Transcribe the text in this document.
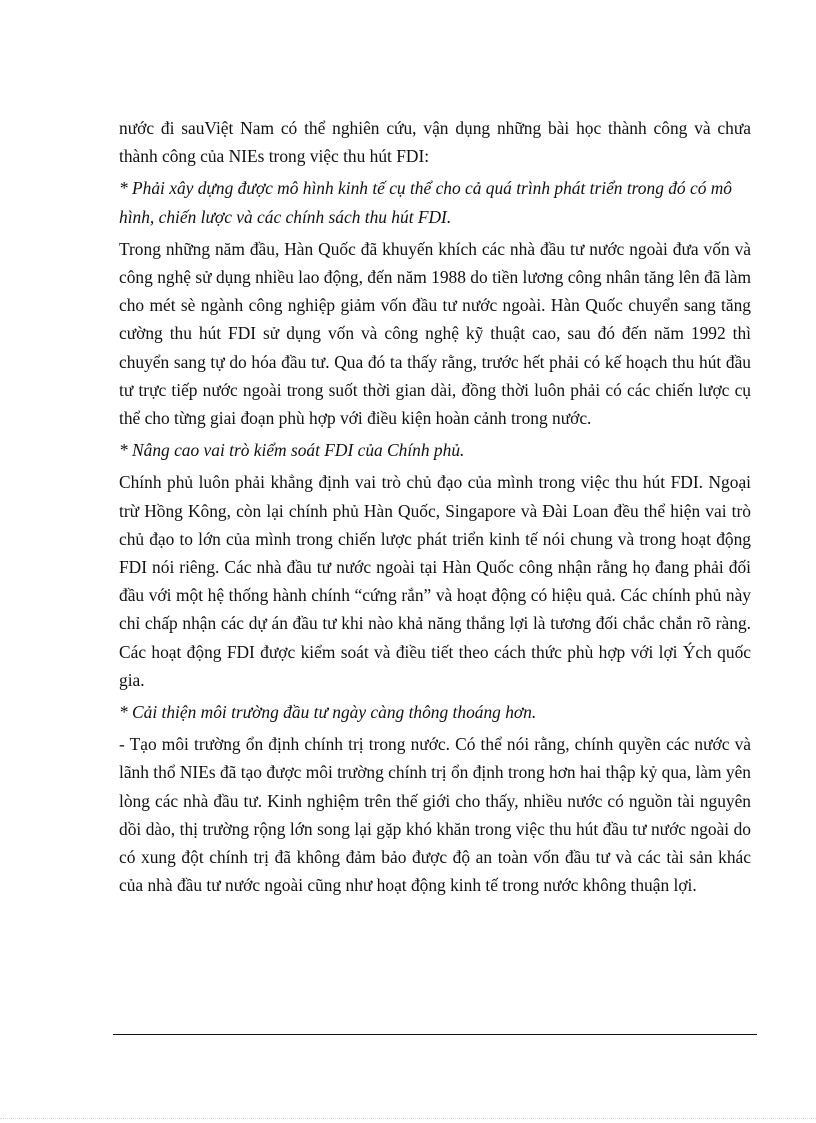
nước đi sauViệt Nam có thể nghiên cứu, vận dụng những bài học thành công và chưa thành công của NIEs trong việc thu hút FDI:

* Phải xây dựng được mô hình kinh tế cụ thể cho cả quá trình phát triển trong đó có mô hình, chiến lược và các chính sách thu hút FDI.

Trong những năm đầu, Hàn Quốc đã khuyến khích các nhà đầu tư nước ngoài đưa vốn và công nghệ sử dụng nhiều lao động, đến năm 1988 do tiền lương công nhân tăng lên đã làm cho mét sè ngành công nghiệp giảm vốn đầu tư nước ngoài. Hàn Quốc chuyển sang tăng cường thu hút FDI sử dụng vốn và công nghệ kỹ thuật cao, sau đó đến năm 1992 thì chuyển sang tự do hóa đầu tư. Qua đó ta thấy rằng, trước hết phải có kế hoạch thu hút đầu tư trực tiếp nước ngoài trong suốt thời gian dài, đồng thời luôn phải có các chiến lược cụ thể cho từng giai đoạn phù hợp với điều kiện hoàn cảnh trong nước.

* Nâng cao vai trò kiểm soát FDI của Chính phủ.

Chính phủ luôn phải khẳng định vai trò chủ đạo của mình trong việc thu hút FDI. Ngoại trừ Hồng Kông, còn lại chính phủ Hàn Quốc, Singapore và Đài Loan đều thể hiện vai trò chủ đạo to lớn của mình trong chiến lược phát triển kinh tế nói chung và trong hoạt động FDI nói riêng. Các nhà đầu tư nước ngoài tại Hàn Quốc công nhận rằng họ đang phải đối đầu với một hệ thống hành chính “cứng rắn” và hoạt động có hiệu quả. Các chính phủ này chỉ chấp nhận các dự án đầu tư khi nào khả năng thắng lợi là tương đối chắc chắn rõ ràng. Các hoạt động FDI được kiểm soát và điều tiết theo cách thức phù hợp với lợi Ých quốc gia.

* Cải thiện môi trường đầu tư ngày càng thông thoáng hơn.

- Tạo môi trường ổn định chính trị trong nước. Có thể nói rằng, chính quyền các nước và lãnh thổ NIEs đã tạo được môi trường chính trị ổn định trong hơn hai thập kỷ qua, làm yên lòng các nhà đầu tư. Kinh nghiệm trên thế giới cho thấy, nhiều nước có nguồn tài nguyên dồi dào, thị trường rộng lớn song lại gặp khó khăn trong việc thu hút đầu tư nước ngoài do có xung đột chính trị đã không đảm bảo được độ an toàn vốn đầu tư và các tài sản khác của nhà đầu tư nước ngoài cũng như hoạt động kinh tế trong nước không thuận lợi.
